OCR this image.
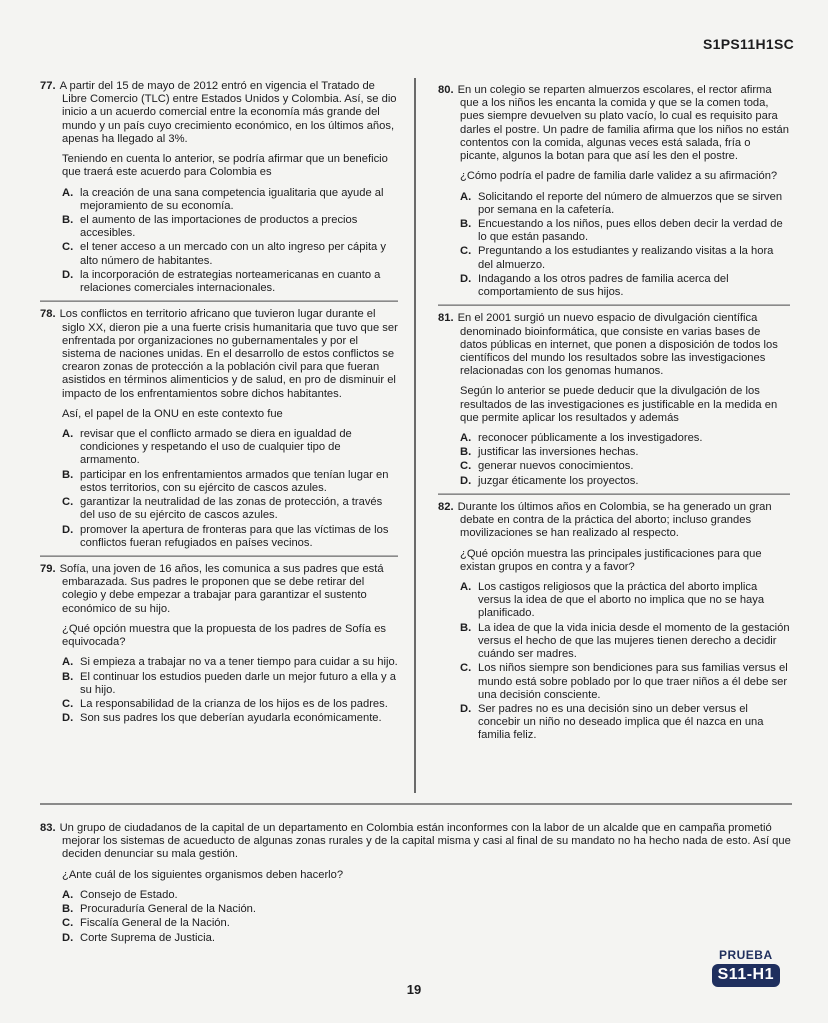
S1PS11H1SC

77. A partir del 15 de mayo de 2012 entró en vigencia el Tratado de Libre Comercio (TLC) entre Estados Unidos y Colombia. Así, se dio inicio a un acuerdo comercial entre la economía más grande del mundo y un país cuyo crecimiento económico, en los últimos años, apenas ha llegado al 3%.

Teniendo en cuenta lo anterior, se podría afirmar que un beneficio que traerá este acuerdo para Colombia es

A. la creación de una sana competencia igualitaria que ayude al mejoramiento de su economía.
B. el aumento de las importaciones de productos a precios accesibles.
C. el tener acceso a un mercado con un alto ingreso per cápita y alto número de habitantes.
D. la incorporación de estrategias norteamericanas en cuanto a relaciones comerciales internacionales.

78. Los conflictos en territorio africano que tuvieron lugar durante el siglo XX, dieron pie a una fuerte crisis humanitaria que tuvo que ser enfrentada por organizaciones no gubernamentales y por el sistema de naciones unidas. En el desarrollo de estos conflictos se crearon zonas de protección a la población civil para que fueran asistidos en términos alimenticios y de salud, en pro de disminuir el impacto de los enfrentamientos sobre dichos habitantes.

Así, el papel de la ONU en este contexto fue

A. revisar que el conflicto armado se diera en igualdad de condiciones y respetando el uso de cualquier tipo de armamento.
B. participar en los enfrentamientos armados que tenían lugar en estos territorios, con su ejército de cascos azules.
C. garantizar la neutralidad de las zonas de protección, a través del uso de su ejército de cascos azules.
D. promover la apertura de fronteras para que las víctimas de los conflictos fueran refugiados en países vecinos.

79. Sofía, una joven de 16 años, les comunica a sus padres que está embarazada. Sus padres le proponen que se debe retirar del colegio y debe empezar a trabajar para garantizar el sustento económico de su hijo.

¿Qué opción muestra que la propuesta de los padres de Sofía es equivocada?

A. Si empieza a trabajar no va a tener tiempo para cuidar a su hijo.
B. El continuar los estudios pueden darle un mejor futuro a ella y a su hijo.
C. La responsabilidad de la crianza de los hijos es de los padres.
D. Son sus padres los que deberían ayudarla económicamente.

80. En un colegio se reparten almuerzos escolares, el rector afirma que a los niños les encanta la comida y que se la comen toda, pues siempre devuelven su plato vacío, lo cual es requisito para darles el postre. Un padre de familia afirma que los niños no están contentos con la comida, algunas veces está salada, fría o picante, algunos la botan para que así les den el postre.

¿Cómo podría el padre de familia darle validez a su afirmación?

A. Solicitando el reporte del número de almuerzos que se sirven por semana en la cafetería.
B. Encuestando a los niños, pues ellos deben decir la verdad de lo que están pasando.
C. Preguntando a los estudiantes y realizando visitas a la hora del almuerzo.
D. Indagando a los otros padres de familia acerca del comportamiento de sus hijos.

81. En el 2001 surgió un nuevo espacio de divulgación científica denominado bioinformática, que consiste en varias bases de datos públicas en internet, que ponen a disposición de todos los científicos del mundo los resultados sobre las investigaciones relacionadas con los genomas humanos.

Según lo anterior se puede deducir que la divulgación de los resultados de las investigaciones es justificable en la medida en que permite aplicar los resultados y además

A. reconocer públicamente a los investigadores.
B. justificar las inversiones hechas.
C. generar nuevos conocimientos.
D. juzgar éticamente los proyectos.

82. Durante los últimos años en Colombia, se ha generado un gran debate en contra de la práctica del aborto; incluso grandes movilizaciones se han realizado al respecto.

¿Qué opción muestra las principales justificaciones para que existan grupos en contra y a favor?

A. Los castigos religiosos que la práctica del aborto implica versus la idea de que el aborto no implica que no se haya planificado.
B. La idea de que la vida inicia desde el momento de la gestación versus el hecho de que las mujeres tienen derecho a decidir cuándo ser madres.
C. Los niños siempre son bendiciones para sus familias versus el mundo está sobre poblado por lo que traer niños a él debe ser una decisión consciente.
D. Ser padres no es una decisión sino un deber versus el concebir un niño no deseado implica que él nazca en una familia feliz.

83. Un grupo de ciudadanos de la capital de un departamento en Colombia están inconformes con la labor de un alcalde que en campaña prometió mejorar los sistemas de acueducto de algunas zonas rurales y de la capital misma y casi al final de su mandato no ha hecho nada de esto. Así que deciden denunciar su mala gestión.

¿Ante cuál de los siguientes organismos deben hacerlo?

A. Consejo de Estado.
B. Procuraduría General de la Nación.
C. Fiscalía General de la Nación.
D. Corte Suprema de Justicia.
19
PRUEBA
S11-H1
